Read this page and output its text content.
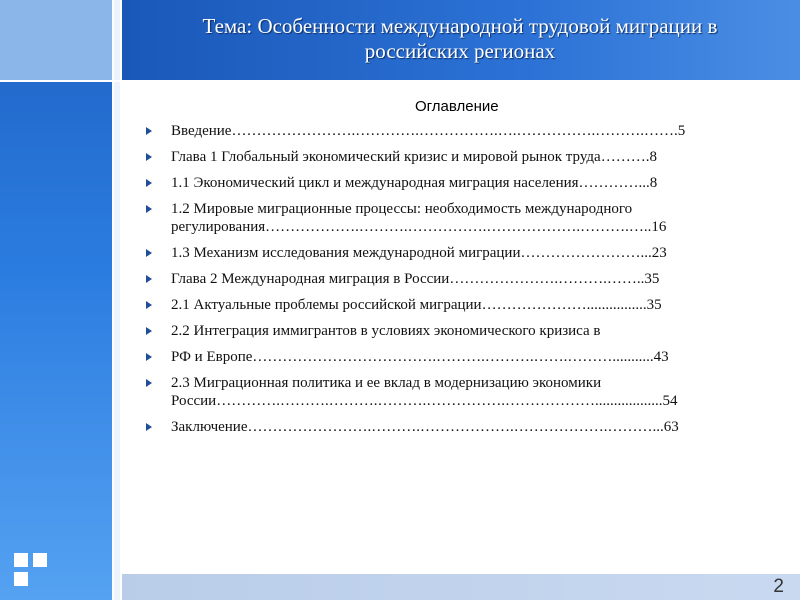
Тема: Особенности международной трудовой миграции в российских регионах
2
Оглавление
Введение…………………….………….…………….….…………….……….…….5
Глава 1 Глобальный экономический кризис и мировой рынок труда……….8
1.1 Экономический цикл и международная миграция населения…………...8
1.2 Мировые миграционные процессы: необходимость международного регулирования……………….……….…………….……………….……….…..16
1.3 Механизм исследования международной миграции……………………...23
Глава 2 Международная миграция в России………………….……….……..35
2.1 Актуальные проблемы российской миграции…………………................35
2.2 Интеграция иммигрантов в условиях экономического кризиса в
РФ и Европе……………………………….……….……….…….………...........43
2.3 Миграционная политика и ее вклад в модернизацию экономики России………….……….……….……….…………….………………..................54
Заключение…………………….……….……………….……………….………...63
